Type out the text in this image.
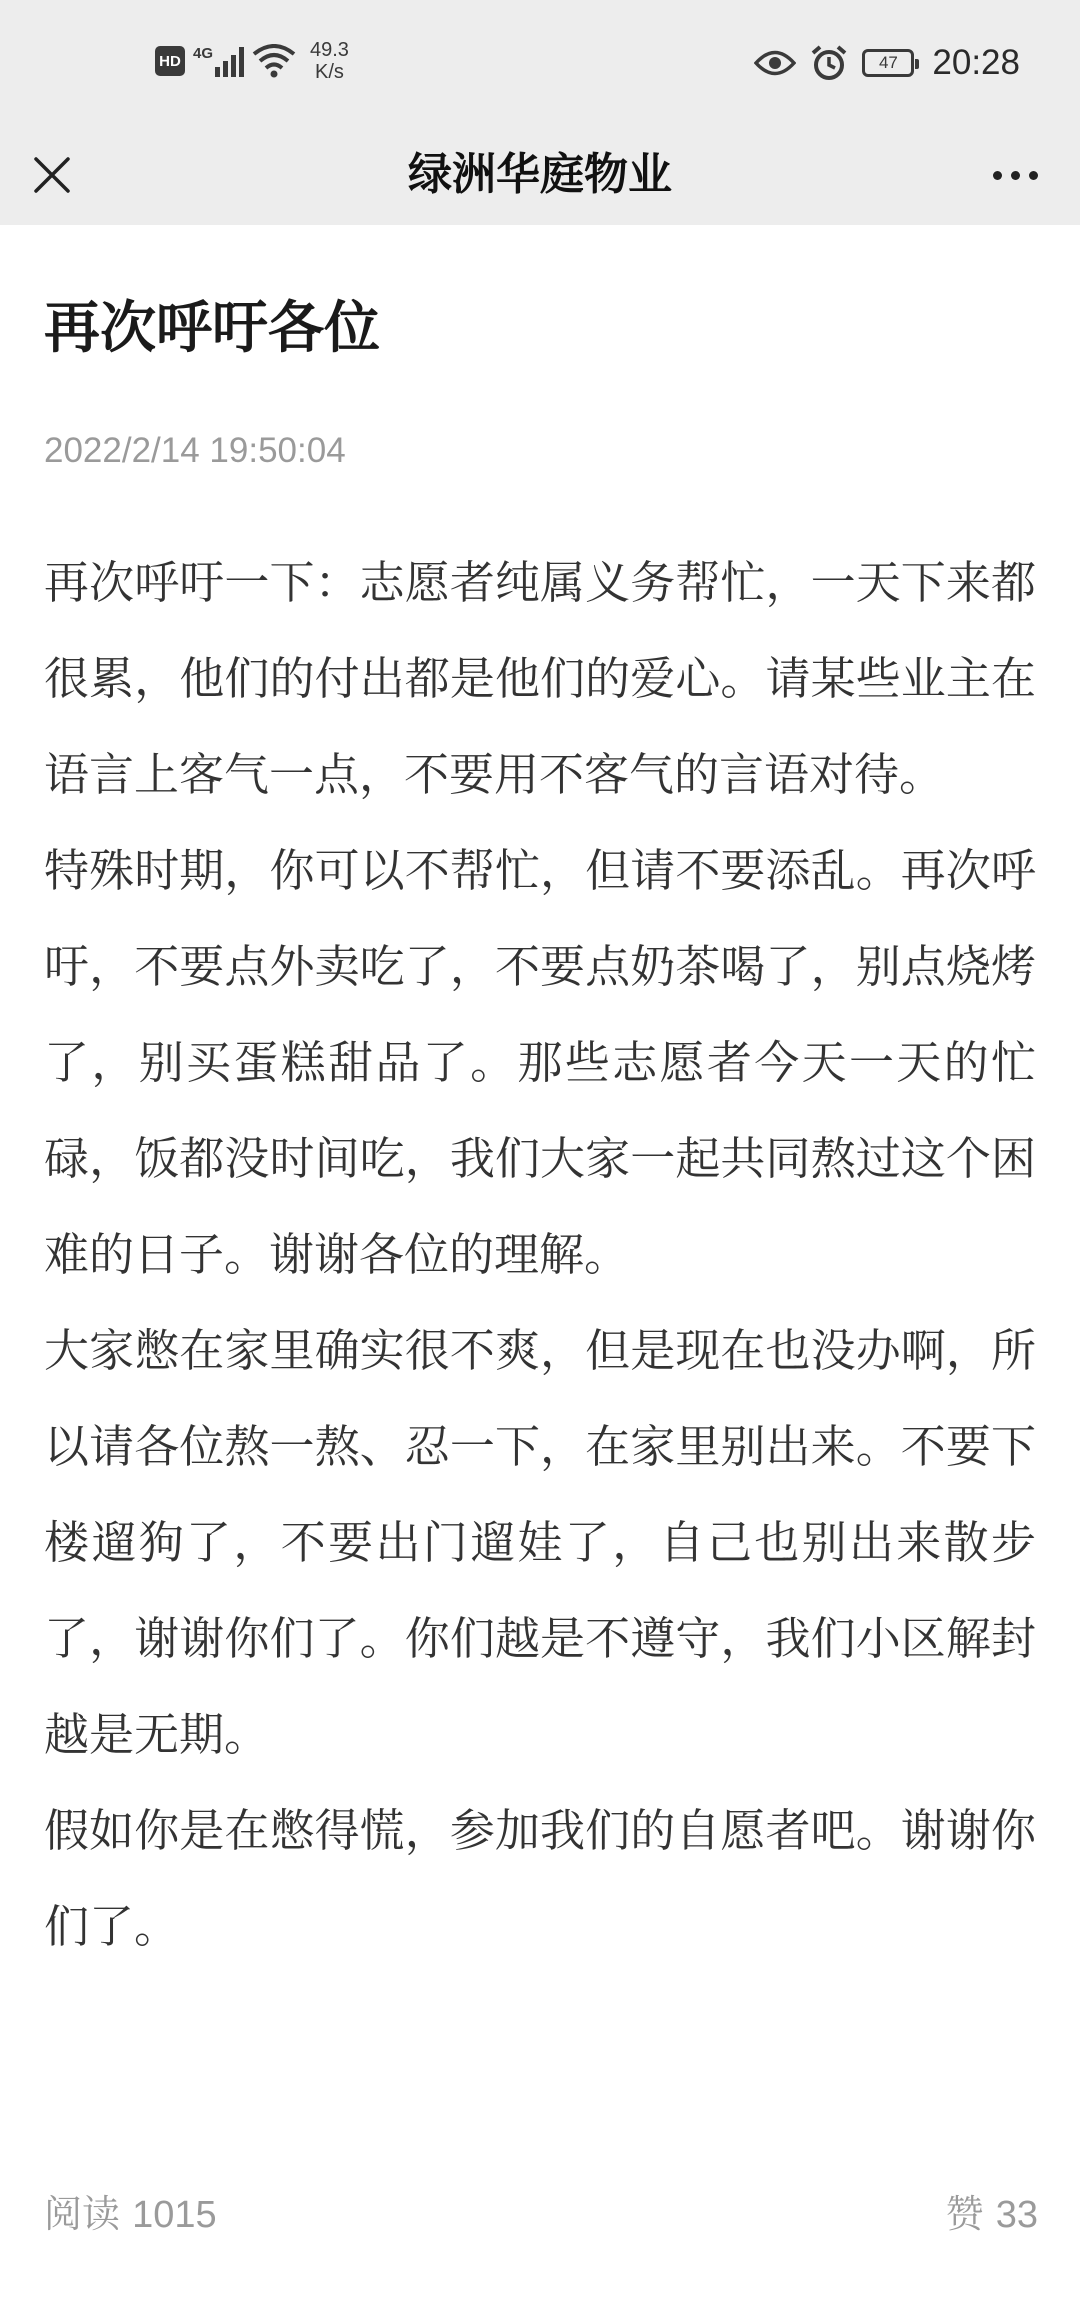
HD 4G	49.3
K/s	47 20:28
绿洲华庭物业
再次呼吁各位
2022/2/14 19:50:04

再次呼吁一下：志愿者纯属义务帮忙，一天下来都很累，他们的付出都是他们的爱心。请某些业主在语言上客气一点，不要用不客气的言语对待。

特殊时期，你可以不帮忙，但请不要添乱。再次呼吁，不要点外卖吃了，不要点奶茶喝了，别点烧烤了，别买蛋糕甜品了。那些志愿者今天一天的忙碌，饭都没时间吃，我们大家一起共同熬过这个困难的日子。谢谢各位的理解。

大家憋在家里确实很不爽，但是现在也没办啊，所以请各位熬一熬、忍一下，在家里别出来。不要下楼遛狗了，不要出门遛娃了，自己也别出来散步了，谢谢你们了。你们越是不遵守，我们小区解封越是无期。

假如你是在憋得慌，参加我们的自愿者吧。谢谢你们了。

阅读 1015	赞 33
